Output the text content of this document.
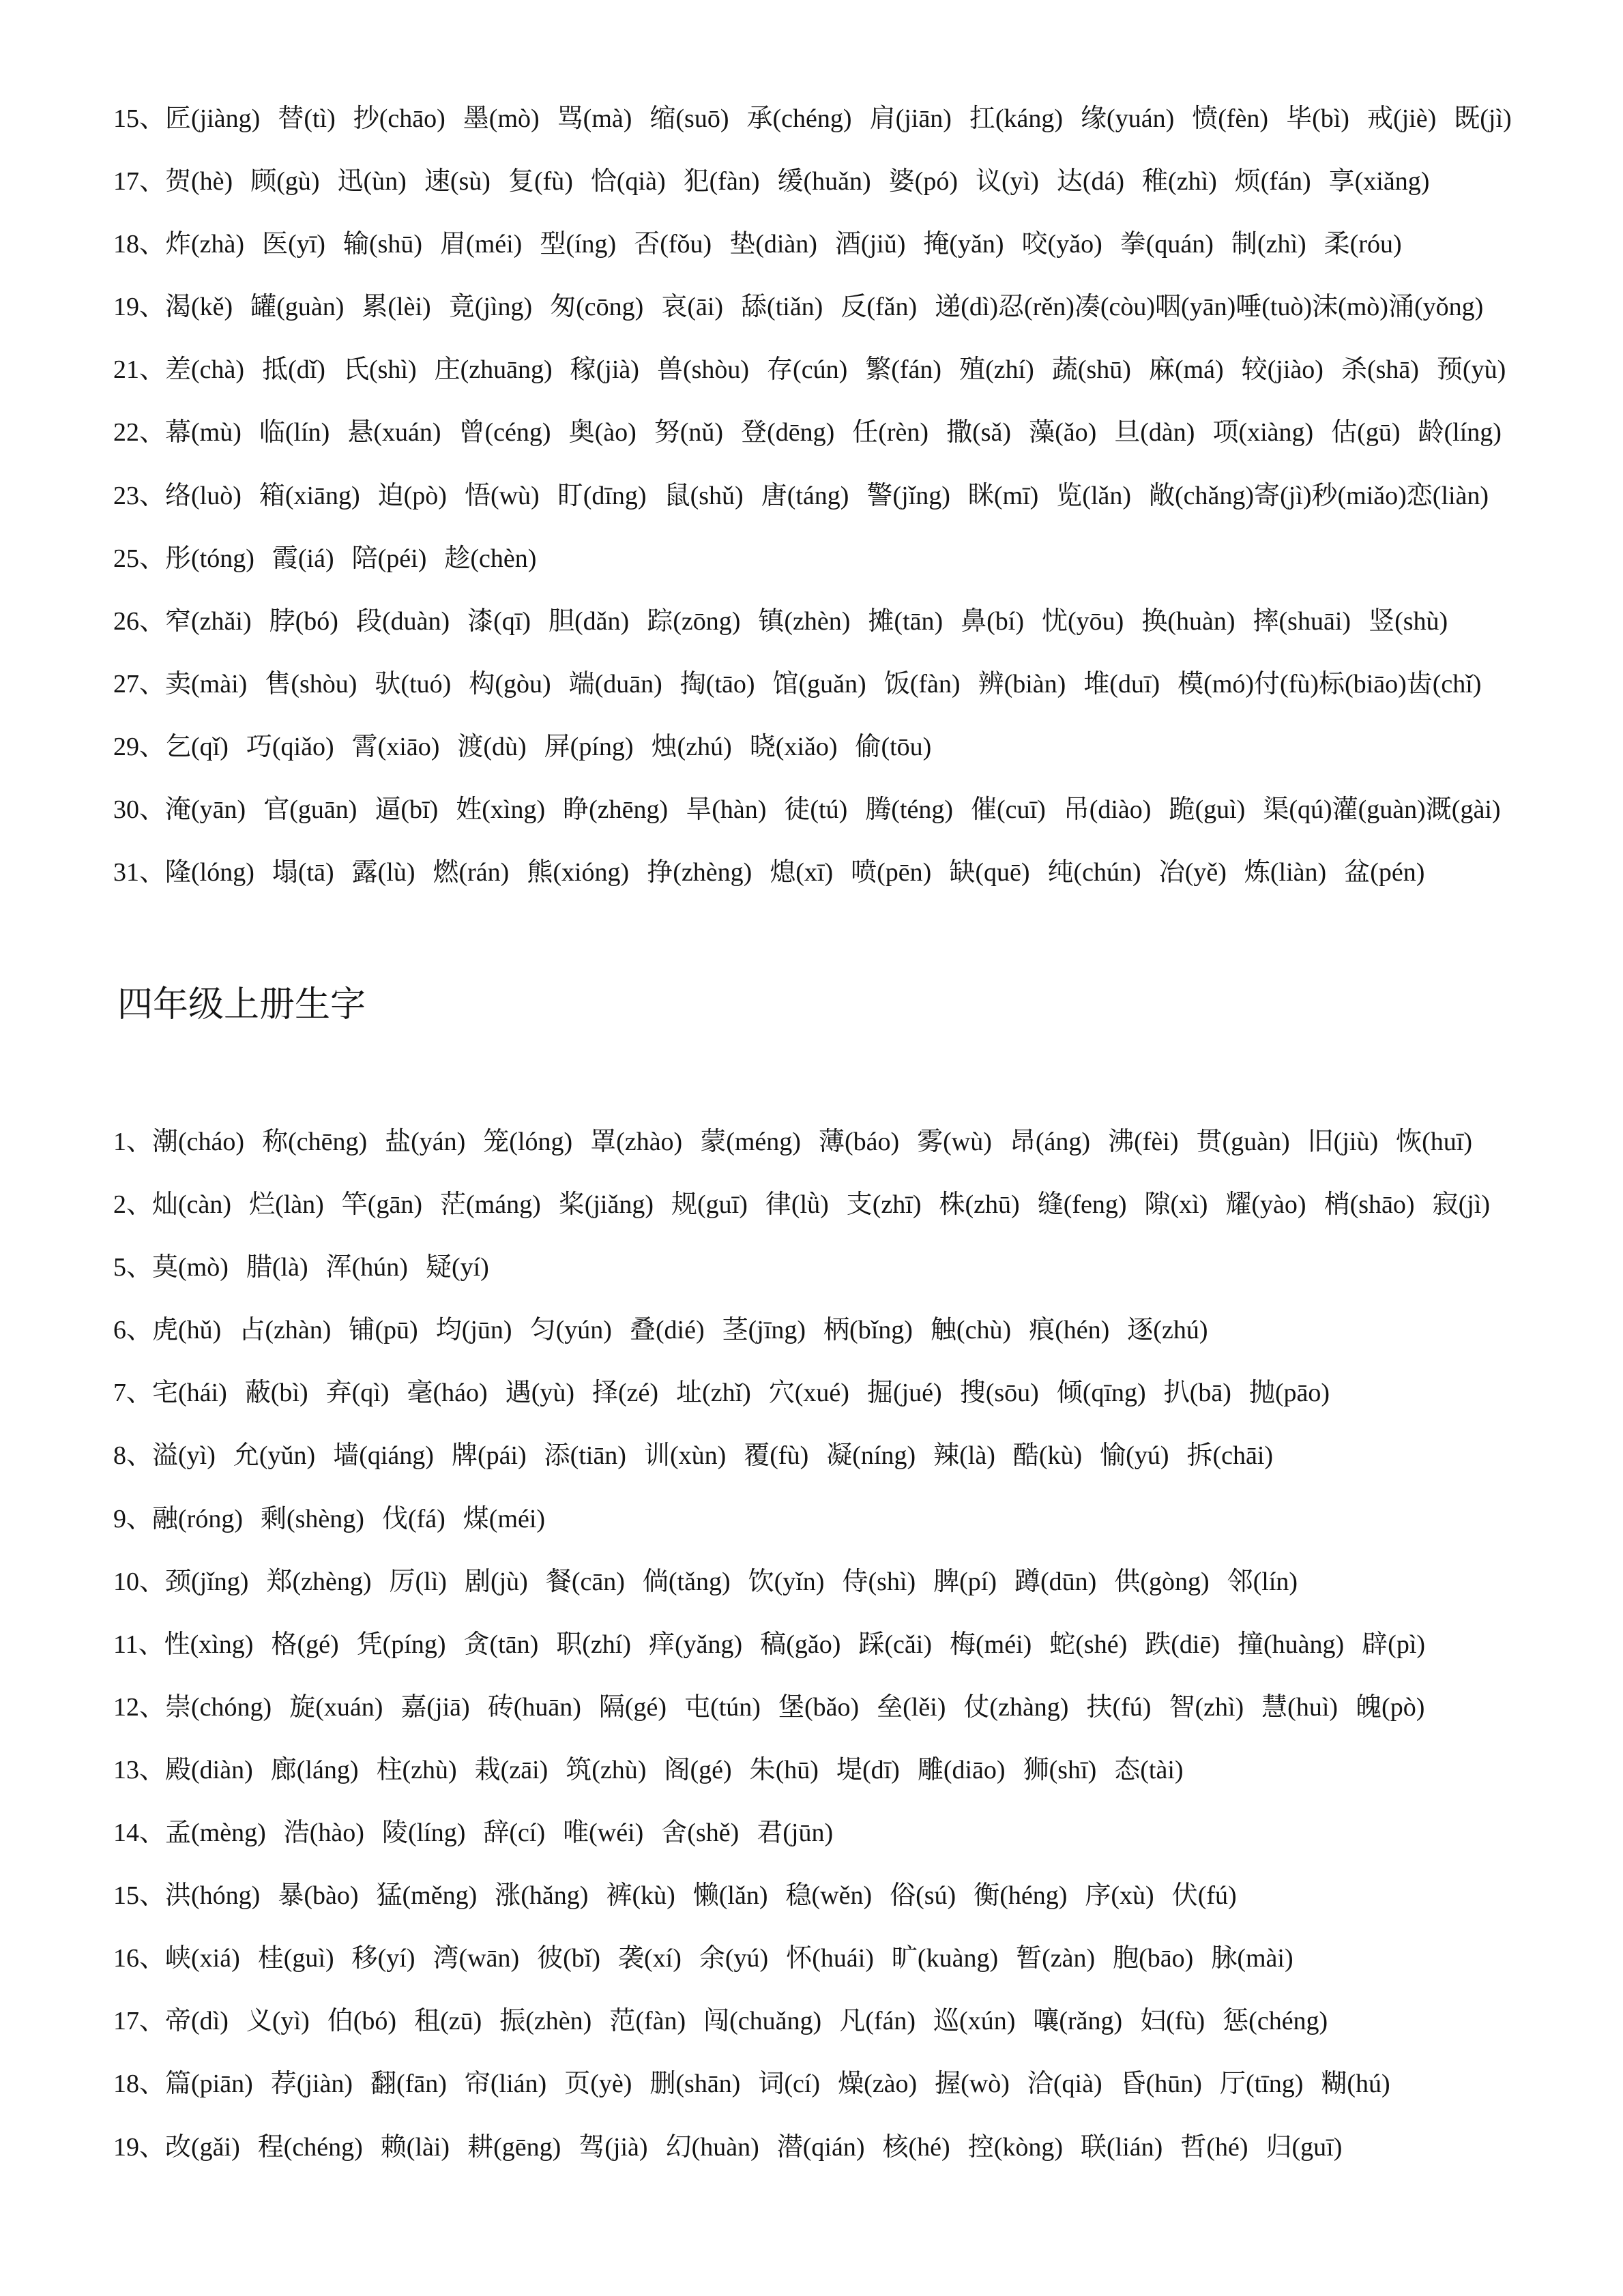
15、匠(jiàng) 替(tì) 抄(chāo) 墨(mò) 骂(mà) 缩(suō) 承(chéng) 肩(jiān) 扛(káng) 缘(yuán) 愤(fèn) 毕(bì) 戒(jiè) 既(jì)
17、贺(hè) 顾(gù) 迅(ùn) 速(sù) 复(fù) 恰(qià) 犯(fàn) 缓(huǎn) 婆(pó) 议(yì) 达(dá) 稚(zhì) 烦(fán) 享(xiǎng)
18、炸(zhà) 医(yī) 输(shū) 眉(méi) 型(íng) 否(fǒu) 垫(diàn) 酒(jiǔ) 掩(yǎn) 咬(yǎo) 拳(quán) 制(zhì) 柔(róu)
19、渴(kě) 罐(guàn) 累(lèi) 竟(jìng) 匆(cōng) 哀(āi) 舔(tiǎn) 反(fǎn) 递(dì)忍(rěn)凑(còu)咽(yān)唾(tuò)沫(mò)涌(yǒng)
21、差(chà) 抵(dǐ) 氏(shì) 庄(zhuāng) 稼(jià) 兽(shòu) 存(cún) 繁(fán) 殖(zhí) 蔬(shū) 麻(má) 较(jiào) 杀(shā) 预(yù)
22、幕(mù) 临(lín) 悬(xuán) 曾(céng) 奥(ào) 努(nǔ) 登(dēng) 任(rèn) 撒(sǎ) 藻(ǎo) 旦(dàn) 项(xiàng) 估(gū) 龄(líng)
23、络(luò) 箱(xiāng) 迫(pò) 悟(wù) 盯(dīng) 鼠(shǔ) 唐(táng) 警(jǐng) 眯(mī) 览(lǎn) 敞(chǎng)寄(jì)秒(miǎo)恋(liàn)
25、彤(tóng) 霞(iá) 陪(péi) 趁(chèn)
26、窄(zhǎi) 脖(bó) 段(duàn) 漆(qī) 胆(dǎn) 踪(zōng) 镇(zhèn) 摊(tān) 鼻(bí) 忧(yōu) 换(huàn) 摔(shuāi) 竖(shù)
27、卖(mài) 售(shòu) 驮(tuó) 构(gòu) 端(duān) 掏(tāo) 馆(guǎn) 饭(fàn) 辨(biàn) 堆(duī) 模(mó)付(fù)标(biāo)齿(chǐ)
29、乞(qǐ) 巧(qiǎo) 霄(xiāo) 渡(dù) 屏(píng) 烛(zhú) 晓(xiǎo) 偷(tōu)
30、淹(yān) 官(guān) 逼(bī) 姓(xìng) 睁(zhēng) 旱(hàn) 徒(tú) 腾(téng) 催(cuī) 吊(diào) 跪(guì) 渠(qú)灌(guàn)溉(gài)
31、隆(lóng) 塌(tā) 露(lù) 燃(rán) 熊(xióng) 挣(zhèng) 熄(xī) 喷(pēn) 缺(quē) 纯(chún) 冶(yě) 炼(liàn) 盆(pén)
四年级上册生字
1、潮(cháo) 称(chēng) 盐(yán) 笼(lóng) 罩(zhào) 蒙(méng) 薄(báo) 雾(wù) 昂(áng) 沸(fèi) 贯(guàn) 旧(jiù) 恢(huī)
2、灿(càn) 烂(làn) 竿(gān) 茫(máng) 桨(jiǎng) 规(guī) 律(lǜ) 支(zhī) 株(zhū) 缝(feng) 隙(xì) 耀(yào) 梢(shāo) 寂(jì)
5、莫(mò) 腊(là) 浑(hún) 疑(yí)
6、虎(hǔ) 占(zhàn) 铺(pū) 均(jūn) 匀(yún) 叠(dié) 茎(jīng) 柄(bǐng) 触(chù) 痕(hén) 逐(zhú)
7、宅(hái) 蔽(bì) 弃(qì) 毫(háo) 遇(yù) 择(zé) 址(zhǐ) 穴(xué) 掘(jué) 搜(sōu) 倾(qīng) 扒(bā) 抛(pāo)
8、溢(yì) 允(yǔn) 墙(qiáng) 牌(pái) 添(tiān) 训(xùn) 覆(fù) 凝(níng) 辣(là) 酷(kù) 愉(yú) 拆(chāi)
9、融(róng) 剩(shèng) 伐(fá) 煤(méi)
10、颈(jǐng) 郑(zhèng) 厉(lì) 剧(jù) 餐(cān) 倘(tǎng) 饮(yǐn) 侍(shì) 脾(pí) 蹲(dūn) 供(gòng) 邻(lín)
11、性(xìng) 格(gé) 凭(píng) 贪(tān) 职(zhí) 痒(yǎng) 稿(gǎo) 踩(cǎi) 梅(méi) 蛇(shé) 跌(diē) 撞(huàng) 辟(pì)
12、崇(chóng) 旋(xuán) 嘉(jiā) 砖(huān) 隔(gé) 屯(tún) 堡(bǎo) 垒(lěi) 仗(zhàng) 扶(fú) 智(zhì) 慧(huì) 魄(pò)
13、殿(diàn) 廊(láng) 柱(zhù) 栽(zāi) 筑(zhù) 阁(gé) 朱(hū) 堤(dī) 雕(diāo) 狮(shī) 态(tài)
14、孟(mèng) 浩(hào) 陵(líng) 辞(cí) 唯(wéi) 舍(shě) 君(jūn)
15、洪(hóng) 暴(bào) 猛(měng) 涨(hǎng) 裤(kù) 懒(lǎn) 稳(wěn) 俗(sú) 衡(héng) 序(xù) 伏(fú)
16、峡(xiá) 桂(guì) 移(yí) 湾(wān) 彼(bǐ) 袭(xí) 余(yú) 怀(huái) 旷(kuàng) 暂(zàn) 胞(bāo) 脉(mài)
17、帝(dì) 义(yì) 伯(bó) 租(zū) 振(zhèn) 范(fàn) 闯(chuǎng) 凡(fán) 巡(xún) 嚷(rǎng) 妇(fù) 惩(chéng)
18、篇(piān) 荐(jiàn) 翻(fān) 帘(lián) 页(yè) 删(shān) 词(cí) 燥(zào) 握(wò) 洽(qià) 昏(hūn) 厅(tīng) 糊(hú)
19、改(gǎi) 程(chéng) 赖(lài) 耕(gēng) 驾(jià) 幻(huàn) 潜(qián) 核(hé) 控(kòng) 联(lián) 哲(hé) 归(guī)
